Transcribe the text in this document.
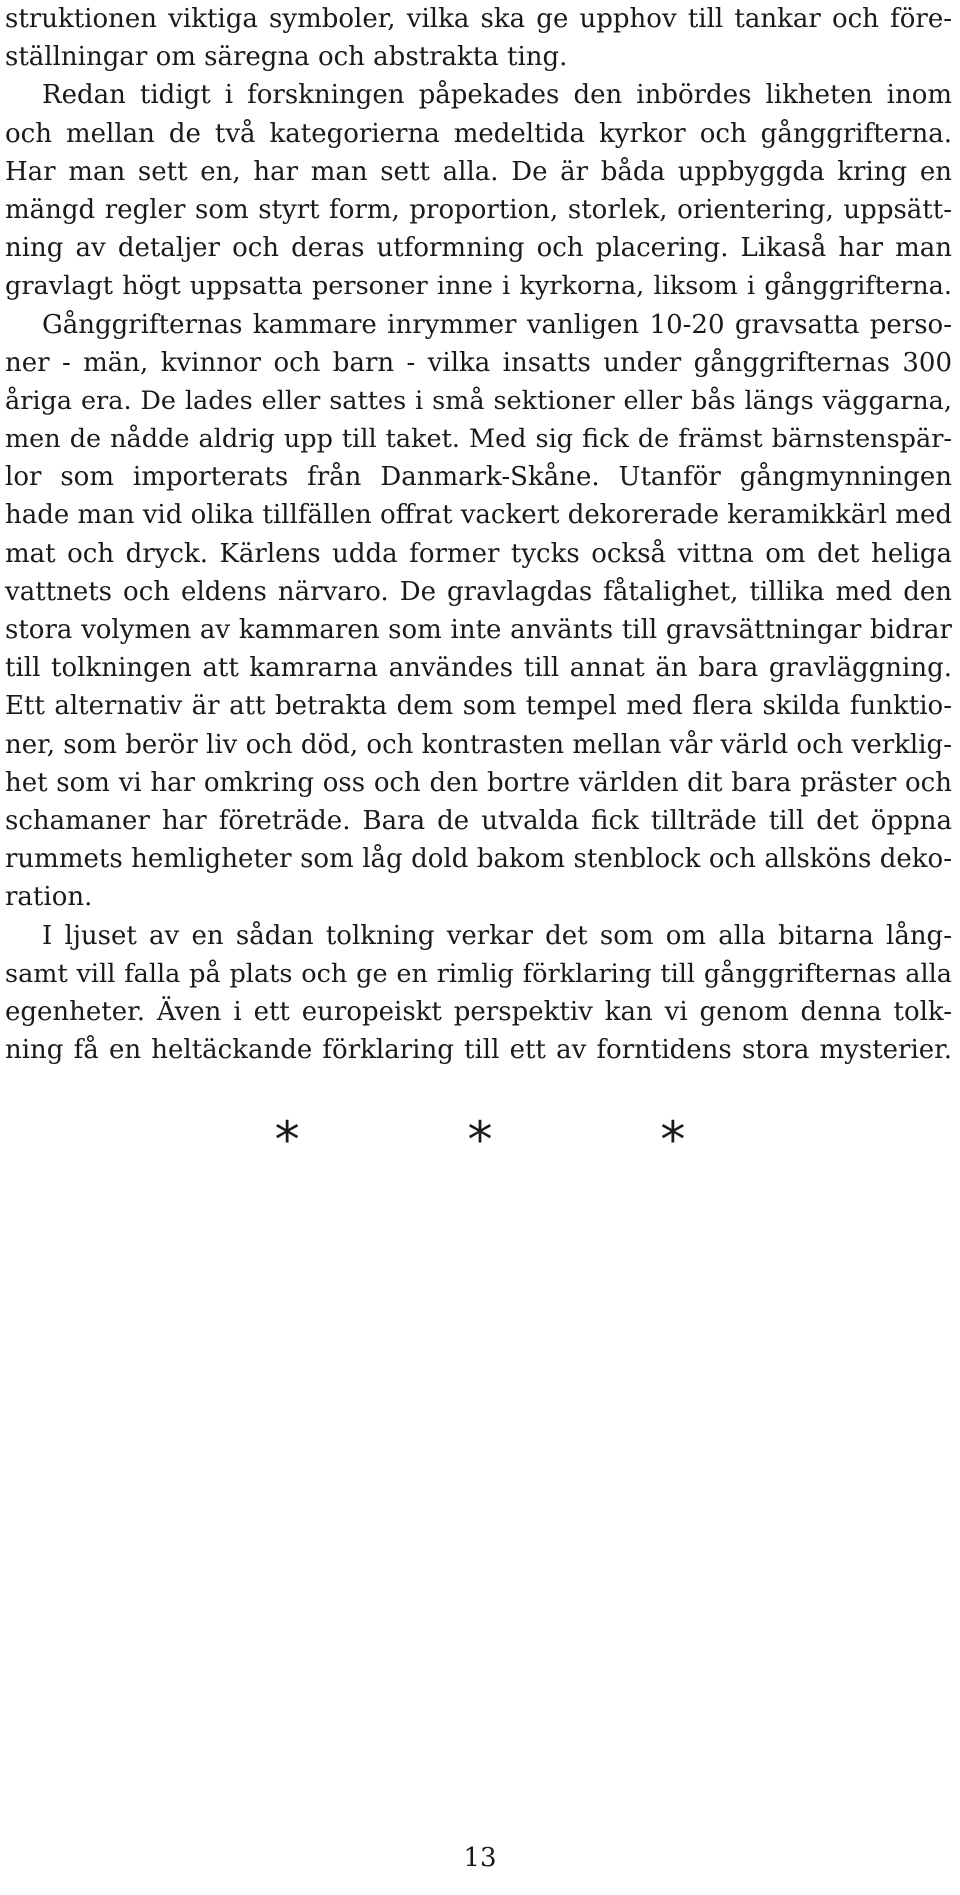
struktionen viktiga symboler, vilka ska ge upphov till tankar och före-
ställningar om säregna och abstrakta ting.
Redan tidigt i forskningen påpekades den inbördes likheten inom
och mellan de två kategorierna medeltida kyrkor och gånggrifterna.
Har man sett en, har man sett alla. De är båda uppbyggda kring en
mängd regler som styrt form, proportion, storlek, orientering, uppsätt-
ning av detaljer och deras utformning och placering. Likaså har man
gravlagt högt uppsatta personer inne i kyrkorna, liksom i gånggrifterna.
Gånggrifternas kammare inrymmer vanligen 10-20 gravsatta perso-
ner - män, kvinnor och barn - vilka insatts under gånggrifternas 300
åriga era. De lades eller sattes i små sektioner eller bås längs väggarna,
men de nådde aldrig upp till taket. Med sig fick de främst bärnstenspär-
lor som importerats från Danmark-Skåne. Utanför gångmynningen
hade man vid olika tillfällen offrat vackert dekorerade keramikkärl med
mat och dryck. Kärlens udda former tycks också vittna om det heliga
vattnets och eldens närvaro. De gravlagdas fåtalighet, tillika med den
stora volymen av kammaren som inte använts till gravsättningar bidrar
till tolkningen att kamrarna användes till annat än bara gravläggning.
Ett alternativ är att betrakta dem som tempel med flera skilda funktio-
ner, som berör liv och död, och kontrasten mellan vår värld och verklig-
het som vi har omkring oss och den bortre världen dit bara präster och
schamaner har företräde. Bara de utvalda fick tillträde till det öppna
rummets hemligheter som låg dold bakom stenblock och allsköns deko-
ration.
I ljuset av en sådan tolkning verkar det som om alla bitarna lång-
samt vill falla på plats och ge en rimlig förklaring till gånggrifternas alla
egenheter. Även i ett europeiskt perspektiv kan vi genom denna tolk-
ning få en heltäckande förklaring till ett av forntidens stora mysterier.
* * *
13
